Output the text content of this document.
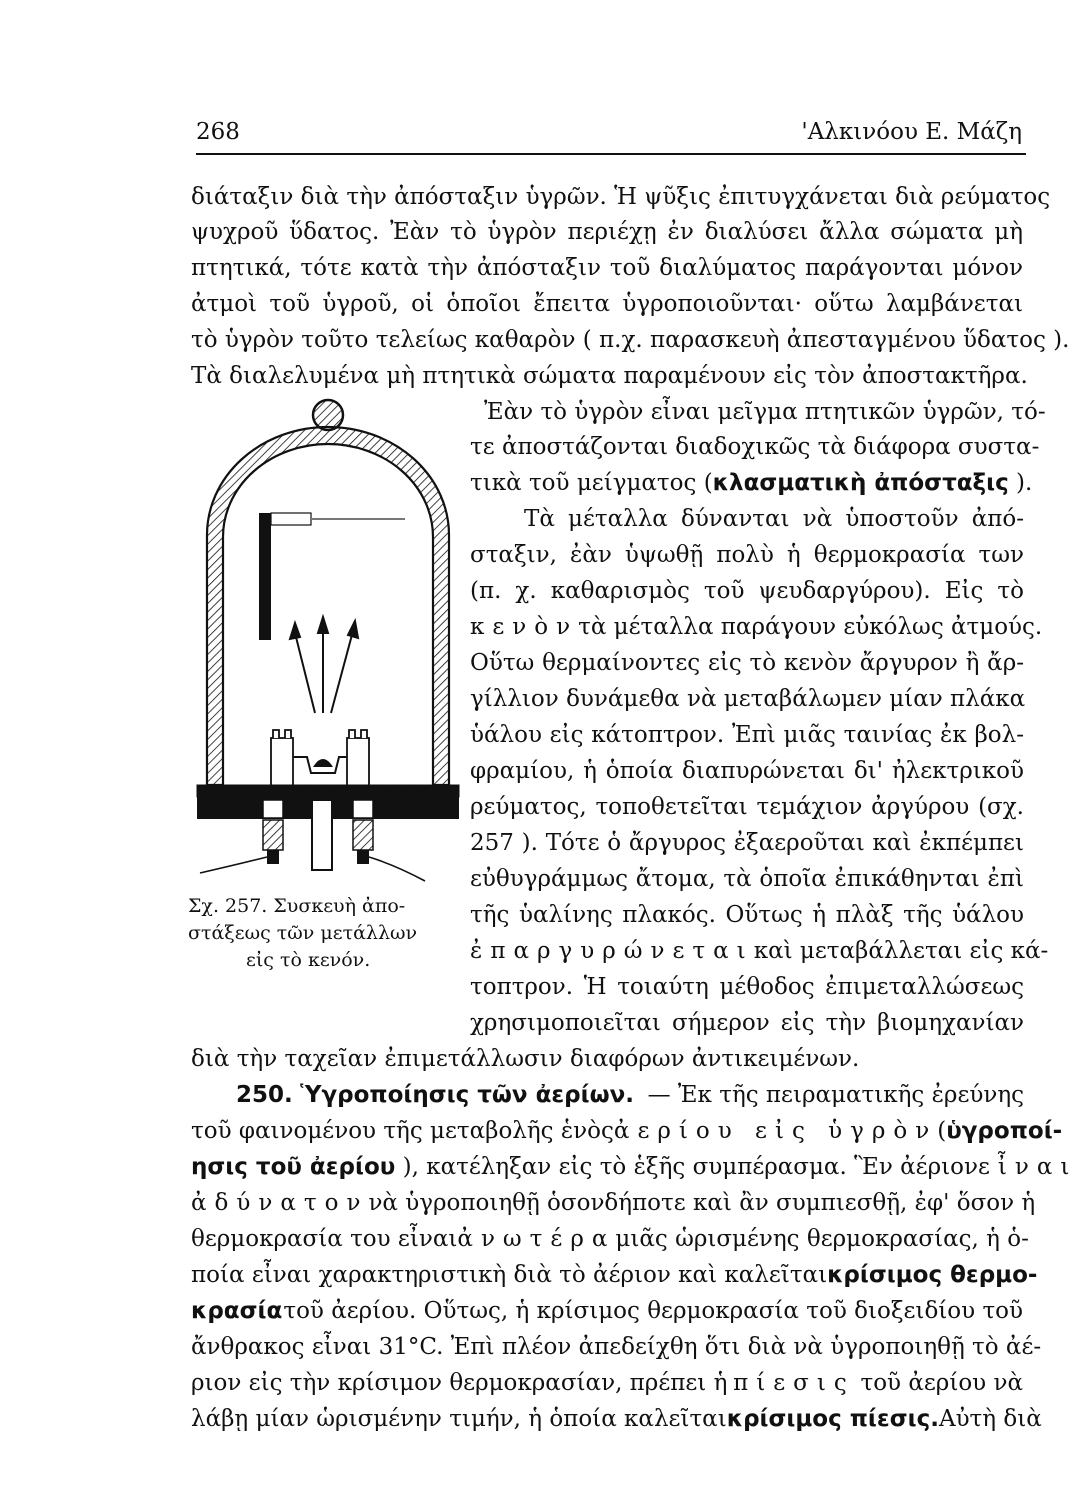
268	'Αλκινόου Ε. Μάζη
διάταξιν διὰ τὴν ἀπόσταξιν ὑγρῶν. Ἡ ψῦξις ἐπιτυγχάνεται διὰ ρεύματος
ψυχροῦ ὕδατος. Ἐὰν τὸ ὑγρὸν περιέχῃ ἐν διαλύσει ἄλλα σώματα μὴ
πτητικά, τότε κατὰ τὴν ἀπόσταξιν τοῦ διαλύματος παράγονται μόνον
ἀτμοὶ τοῦ ὑγροῦ, οἱ ὁποῖοι ἔπειτα ὑγροποιοῦνται· οὕτω λαμβάνεται
τὸ ὑγρὸν τοῦτο τελείως καθαρὸν ( π.χ. παρασκευὴ ἀπεσταγμένου ὕδατος ).
Τὰ διαλελυμένα μὴ πτητικὰ σώματα παραμένουν εἰς τὸν ἀποστακτῆρα.
Ἐὰν τὸ ὑγρὸν εἶναι μεῖγμα πτητικῶν ὑγρῶν, τό-
τε ἀποστάζονται διαδοχικῶς τὰ διάφορα συστα-
τικὰ τοῦ μείγματος (κλασματικὴ ἀπόσταξις ).
Τὰ μέταλλα δύνανται νὰ ὑποστοῦν ἀπό-
σταξιν, ἐὰν ὑψωθῇ πολὺ ἡ θερμοκρασία των
(π. χ. καθαρισμὸς τοῦ ψευδαργύρου). Εἰς τὸ
κενὸν τὰ μέταλλα παράγουν εὐκόλως ἀτμούς.
Οὕτω θερμαίνοντες εἰς τὸ κενὸν ἄργυρον ἢ ἄρ-
γίλλιον δυνάμεθα νὰ μεταβάλωμεν μίαν πλάκα
ὑάλου εἰς κάτοπτρον. Ἐπὶ μιᾶς ταινίας ἐκ βολ-
φραμίου, ἡ ὁποία διαπυρώνεται δι' ἠλεκτρικοῦ
ρεύματος, τοποθετεῖται τεμάχιον ἀργύρου (σχ.
257 ). Τότε ὁ ἄργυρος ἐξαεροῦται καὶ ἐκπέμπει
εὐθυγράμμως ἄτομα, τὰ ὁποῖα ἐπικάθηνται ἐπὶ
τῆς ὑαλίνης πλακός. Οὕτως ἡ πλὰξ τῆς ὑάλου
ἐπαργυρώνεται καὶ μεταβάλλεται εἰς κά-
τοπτρον. Ἡ τοιαύτη μέθοδος ἐπιμεταλλώσεως
χρησιμοποιεῖται σήμερον εἰς τὴν βιομηχανίαν
διὰ τὴν ταχεῖαν ἐπιμετάλλωσιν διαφόρων ἀντικειμένων.
Σχ. 257. Συσκευὴ ἀπο-
στάξεως τῶν μετάλλων
εἰς τὸ κενόν.
250. Ὑγροποίησις τῶν ἀερίων. — Ἐκ τῆς πειραματικῆς ἐρεύνης
τοῦ φαινομένου τῆς μεταβολῆς ἑνὸς ἀερίου εἰς ὑγρὸν (ὑγροποί-
ησις τοῦ ἀερίου ), κατέληξαν εἰς τὸ ἑξῆς συμπέρασμα. Ἓν ἀέριον εἶναι
ἀδύνατον νὰ ὑγροποιηθῇ ὁσονδήποτε καὶ ἂν συμπιεσθῇ, ἐφ' ὅσον ἡ
θερμοκρασία του εἶναι ἀνωτέρα μιᾶς ὡρισμένης θερμοκρασίας, ἡ ὁ-
ποία εἶναι χαρακτηριστικὴ διὰ τὸ ἀέριον καὶ καλεῖται κρίσιμος θερμο-
κρασία τοῦ ἀερίου. Οὕτως, ἡ κρίσιμος θερμοκρασία τοῦ διοξειδίου τοῦ
ἄνθρακος εἶναι 31°C. Ἐπὶ πλέον ἀπεδείχθη ὅτι διὰ νὰ ὑγροποιηθῇ τὸ ἀέ-
ριον εἰς τὴν κρίσιμον θερμοκρασίαν, πρέπει ἡ πίεσις τοῦ ἀερίου νὰ
λάβῃ μίαν ὡρισμένην τιμήν, ἡ ὁποία καλεῖται κρίσιμος πίεσις. Αὐτὴ διὰ
